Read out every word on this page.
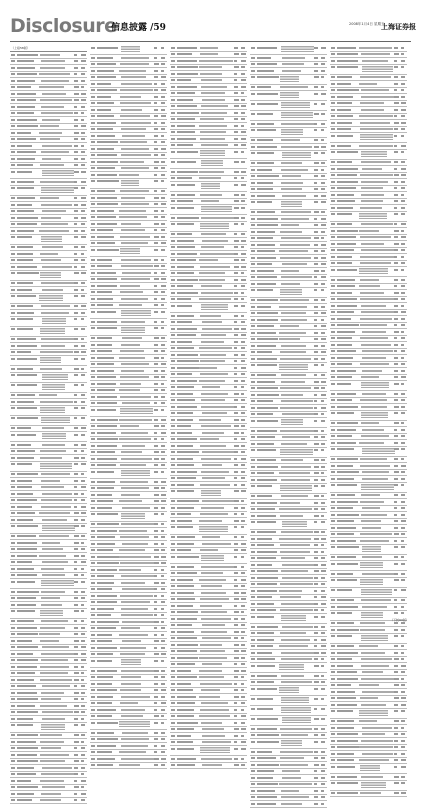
Disclosure
信息披露 /59	2008年1月4日 星期五
上海证券报
（上接58版）
（下转60版）
